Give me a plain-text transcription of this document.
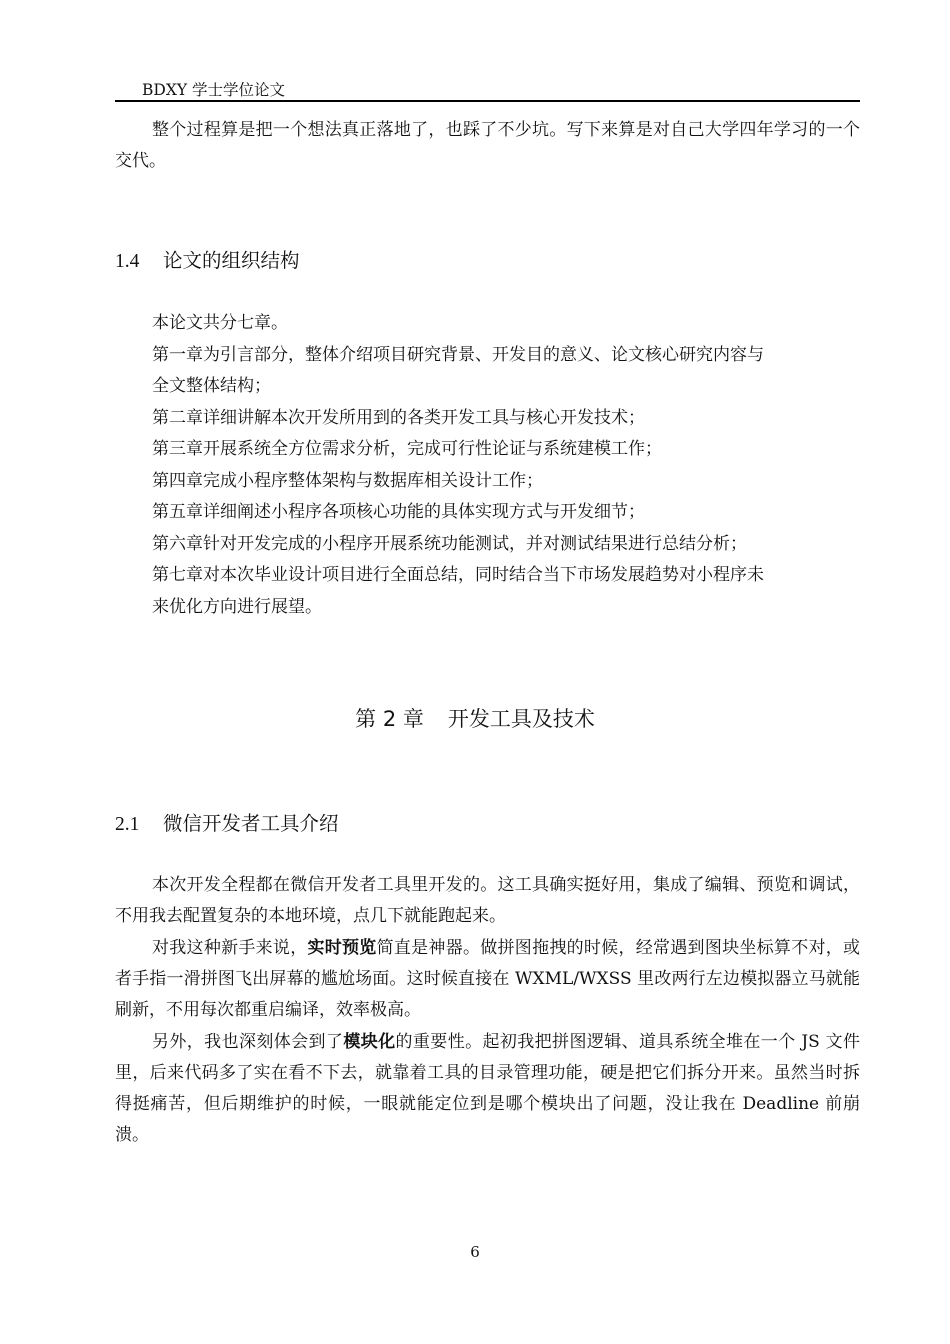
BDXY 学士学位论文
整个过程算是把一个想法真正落地了，也踩了不少坑。写下来算是对自己大学四年学习的一个交代。
1.4 论文的组织结构
本论文共分七章。
第一章为引言部分，整体介绍项目研究背景、开发目的意义、论文核心研究内容与
全文整体结构；
第二章详细讲解本次开发所用到的各类开发工具与核心开发技术；
第三章开展系统全方位需求分析，完成可行性论证与系统建模工作；
第四章完成小程序整体架构与数据库相关设计工作；
第五章详细阐述小程序各项核心功能的具体实现方式与开发细节；
第六章针对开发完成的小程序开展系统功能测试，并对测试结果进行总结分析；
第七章对本次毕业设计项目进行全面总结，同时结合当下市场发展趋势对小程序未
来优化方向进行展望。
第 2 章 开发工具及技术
2.1 微信开发者工具介绍
本次开发全程都在微信开发者工具里开发的。这工具确实挺好用，集成了编辑、预览和调试，不用我去配置复杂的本地环境，点几下就能跑起来。
对我这种新手来说，实时预览简直是神器。做拼图拖拽的时候，经常遇到图块坐标算不对，或者手指一滑拼图飞出屏幕的尴尬场面。这时候直接在 WXML/WXSS 里改两行左边模拟器立马就能刷新，不用每次都重启编译，效率极高。
另外，我也深刻体会到了模块化的重要性。起初我把拼图逻辑、道具系统全堆在一个 JS 文件里，后来代码多了实在看不下去，就靠着工具的目录管理功能，硬是把它们拆分开来。虽然当时拆得挺痛苦，但后期维护的时候，一眼就能定位到是哪个模块出了问题，没让我在 Deadline 前崩溃。
6
